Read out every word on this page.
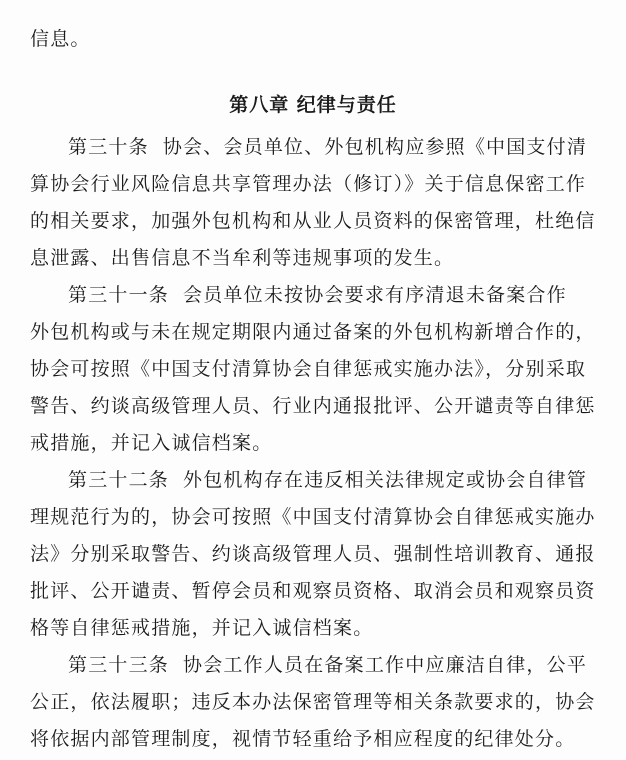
信息。
第八章 纪律与责任
第三十条 协会、会员单位、外包机构应参照《中国支付清
算协会行业风险信息共享管理办法（修订）》关于信息保密工作
的相关要求，加强外包机构和从业人员资料的保密管理，杜绝信
息泄露、出售信息不当牟利等违规事项的发生。
第三十一条 会员单位未按协会要求有序清退未备案合作
外包机构或与未在规定期限内通过备案的外包机构新增合作的，
协会可按照《中国支付清算协会自律惩戒实施办法》，分别采取
警告、约谈高级管理人员、行业内通报批评、公开谴责等自律惩
戒措施，并记入诚信档案。
第三十二条 外包机构存在违反相关法律规定或协会自律管
理规范行为的，协会可按照《中国支付清算协会自律惩戒实施办
法》分别采取警告、约谈高级管理人员、强制性培训教育、通报
批评、公开谴责、暂停会员和观察员资格、取消会员和观察员资
格等自律惩戒措施，并记入诚信档案。
第三十三条 协会工作人员在备案工作中应廉洁自律，公平
公正，依法履职；违反本办法保密管理等相关条款要求的，协会
将依据内部管理制度，视情节轻重给予相应程度的纪律处分。
